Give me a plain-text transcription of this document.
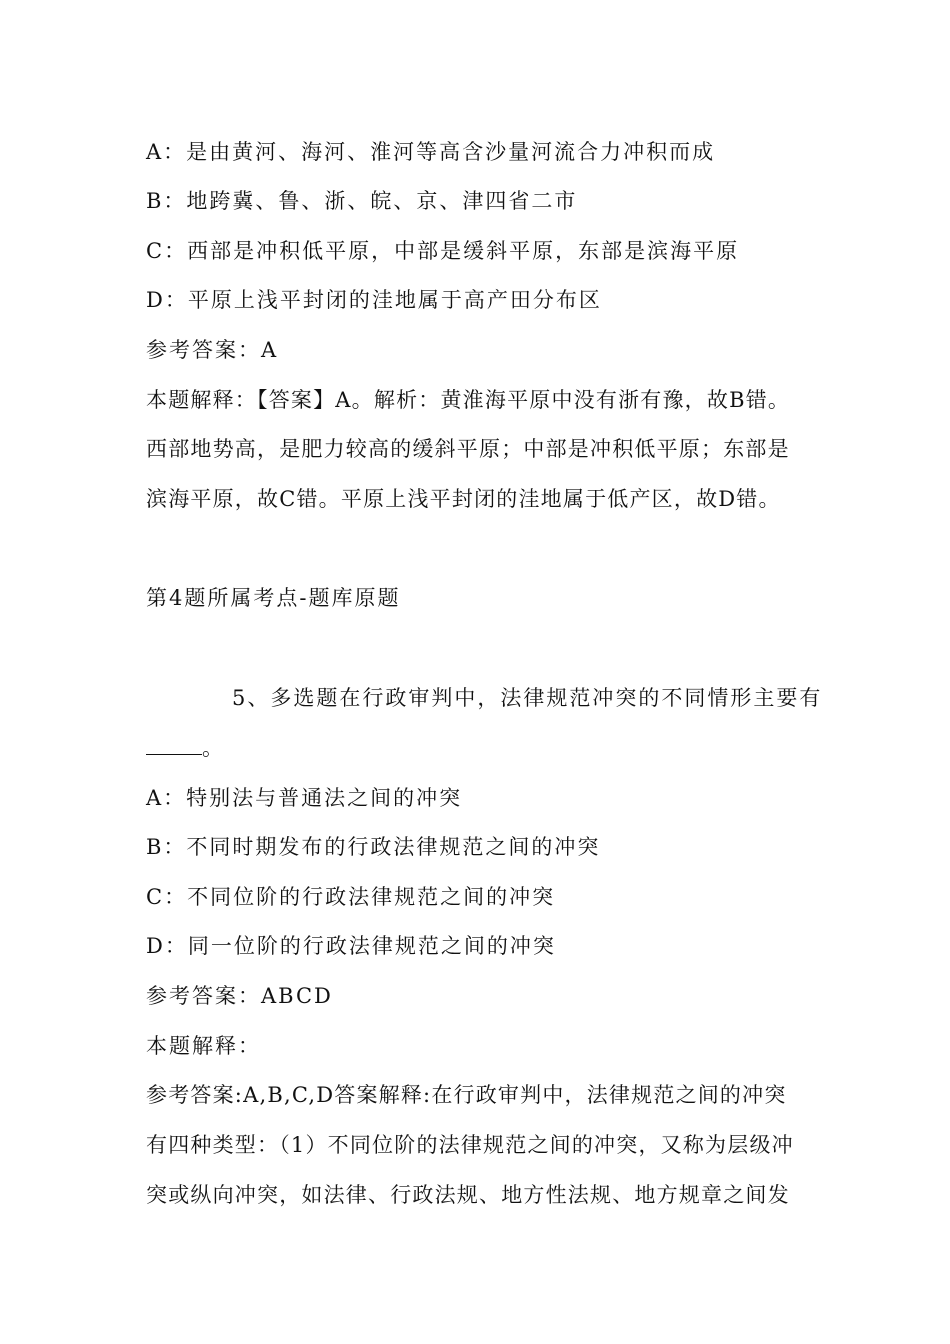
A：是由黄河、海河、淮河等高含沙量河流合力冲积而成
B：地跨冀、鲁、浙、皖、京、津四省二市
C：西部是冲积低平原，中部是缓斜平原，东部是滨海平原
D：平原上浅平封闭的洼地属于高产田分布区
参考答案：A
本题解释：【答案】A。解析：黄淮海平原中没有浙有豫，故B错。
西部地势高，是肥力较高的缓斜平原；中部是冲积低平原；东部是
滨海平原，故C错。平原上浅平封闭的洼地属于低产区，故D错。
第4题所属考点-题库原题
5、多选题在行政审判中，法律规范冲突的不同情形主要有
。
A：特别法与普通法之间的冲突
B：不同时期发布的行政法律规范之间的冲突
C：不同位阶的行政法律规范之间的冲突
D：同一位阶的行政法律规范之间的冲突
参考答案：ABCD
本题解释：
参考答案:A,B,C,D答案解释:在行政审判中，法律规范之间的冲突
有四种类型：（1）不同位阶的法律规范之间的冲突，又称为层级冲
突或纵向冲突，如法律、行政法规、地方性法规、地方规章之间发
